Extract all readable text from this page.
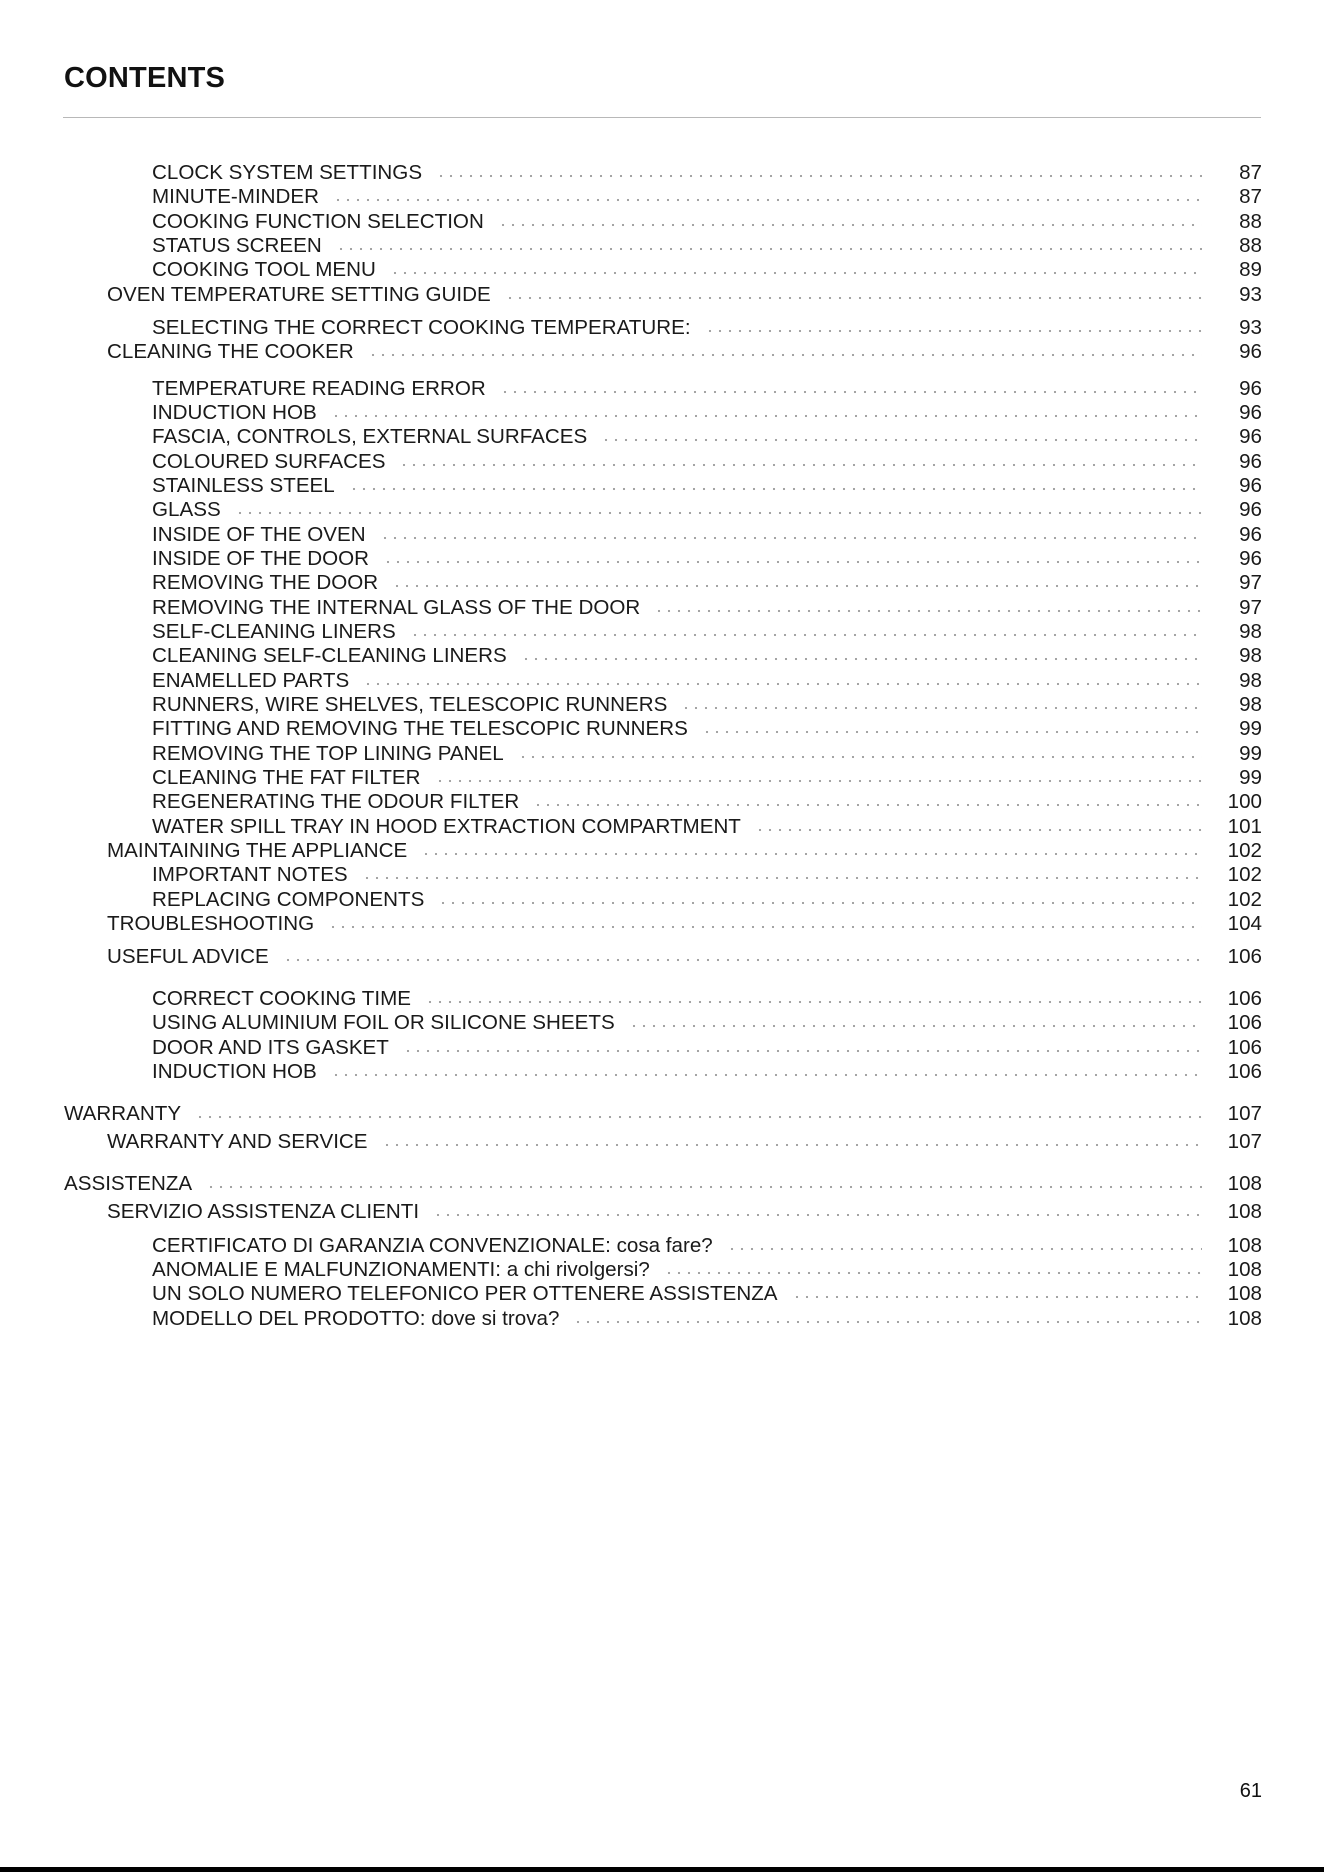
CONTENTS
CLOCK SYSTEM SETTINGS	87
MINUTE-MINDER	87
COOKING FUNCTION SELECTION	88
STATUS SCREEN	88
COOKING TOOL MENU	89
OVEN TEMPERATURE SETTING GUIDE	93
SELECTING THE CORRECT COOKING TEMPERATURE:	93
CLEANING THE COOKER	96
TEMPERATURE READING ERROR	96
INDUCTION HOB	96
FASCIA, CONTROLS, EXTERNAL SURFACES	96
COLOURED SURFACES	96
STAINLESS STEEL	96
GLASS	96
INSIDE OF THE OVEN	96
INSIDE OF THE DOOR	96
REMOVING THE DOOR	97
REMOVING THE INTERNAL GLASS OF THE DOOR	97
SELF-CLEANING LINERS	98
CLEANING SELF-CLEANING LINERS	98
ENAMELLED PARTS	98
RUNNERS, WIRE SHELVES, TELESCOPIC RUNNERS	98
FITTING AND REMOVING THE TELESCOPIC RUNNERS	99
REMOVING THE TOP LINING PANEL	99
CLEANING THE FAT FILTER	99
REGENERATING THE ODOUR FILTER	100
WATER SPILL TRAY IN HOOD EXTRACTION COMPARTMENT	101
MAINTAINING THE APPLIANCE	102
IMPORTANT NOTES	102
REPLACING COMPONENTS	102
TROUBLESHOOTING	104
USEFUL ADVICE	106
CORRECT COOKING TIME	106
USING ALUMINIUM FOIL OR SILICONE SHEETS	106
DOOR AND ITS GASKET	106
INDUCTION HOB	106
WARRANTY	107
WARRANTY AND SERVICE	107
ASSISTENZA	108
SERVIZIO ASSISTENZA CLIENTI	108
CERTIFICATO DI GARANZIA CONVENZIONALE: cosa fare?	108
ANOMALIE E MALFUNZIONAMENTI: a chi rivolgersi?	108
UN SOLO NUMERO TELEFONICO PER OTTENERE ASSISTENZA	108
MODELLO DEL PRODOTTO: dove si trova?	108
61
